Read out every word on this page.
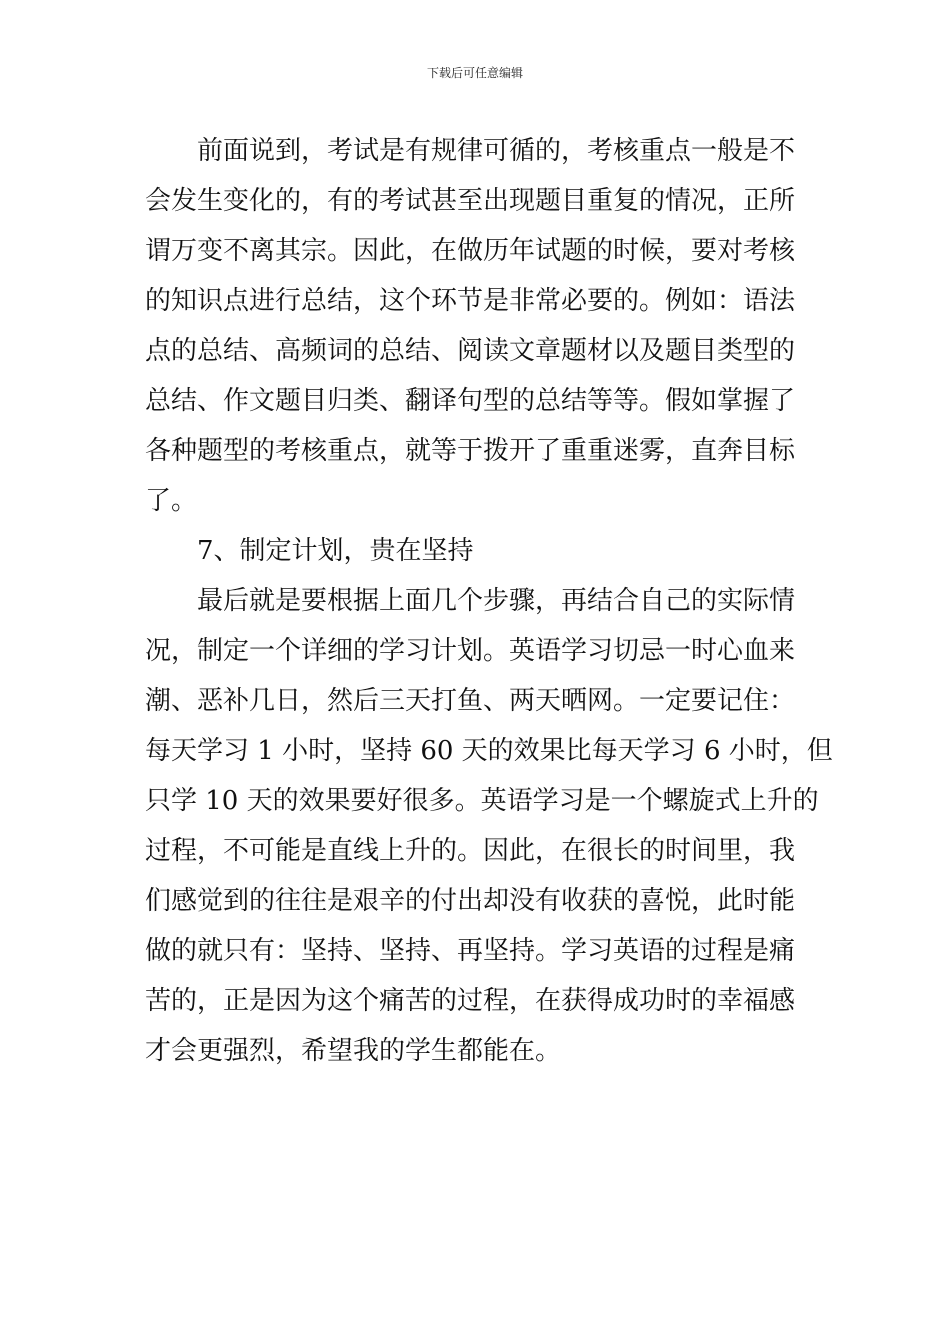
下载后可任意编辑
前面说到，考试是有规律可循的，考核重点一般是不
会发生变化的，有的考试甚至出现题目重复的情况，正所
谓万变不离其宗。因此，在做历年试题的时候，要对考核
的知识点进行总结，这个环节是非常必要的。例如：语法
点的总结、高频词的总结、阅读文章题材以及题目类型的
总结、作文题目归类、翻译句型的总结等等。假如掌握了
各种题型的考核重点，就等于拨开了重重迷雾，直奔目标
了。
7、制定计划，贵在坚持
最后就是要根据上面几个步骤，再结合自己的实际情
况，制定一个详细的学习计划。英语学习切忌一时心血来
潮、恶补几日，然后三天打鱼、两天晒网。一定要记住：
每天学习 1 小时，坚持 60 天的效果比每天学习 6 小时，但
只学 10 天的效果要好很多。英语学习是一个螺旋式上升的
过程，不可能是直线上升的。因此，在很长的时间里，我
们感觉到的往往是艰辛的付出却没有收获的喜悦，此时能
做的就只有：坚持、坚持、再坚持。学习英语的过程是痛
苦的，正是因为这个痛苦的过程，在获得成功时的幸福感
才会更强烈，希望我的学生都能在。
